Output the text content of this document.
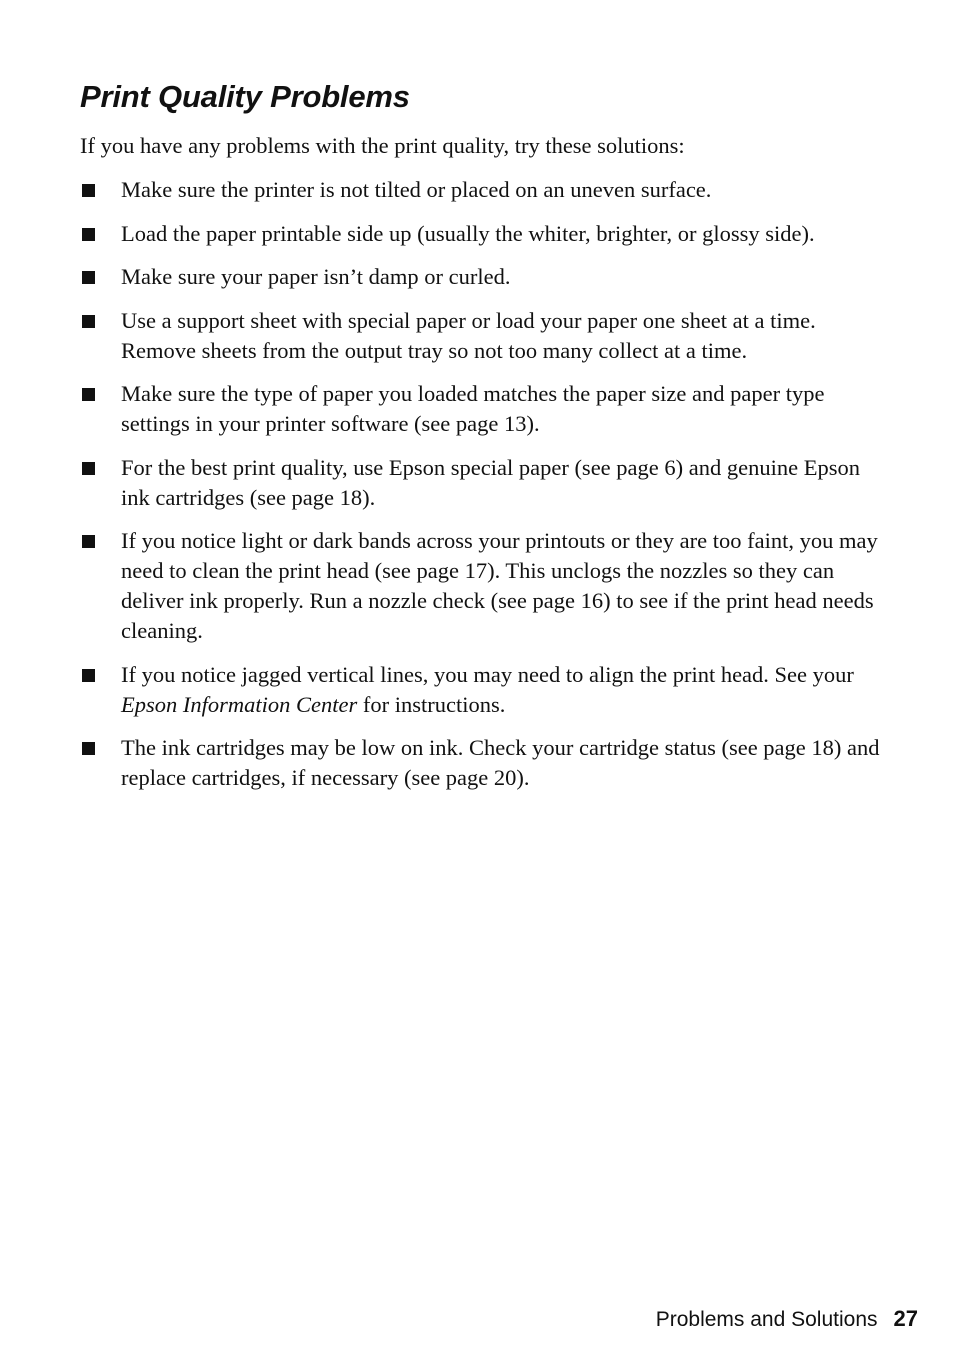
Print Quality Problems

If you have any problems with the print quality, try these solutions:

Make sure the printer is not tilted or placed on an uneven surface.
Load the paper printable side up (usually the whiter, brighter, or glossy side).
Make sure your paper isn’t damp or curled.
Use a support sheet with special paper or load your paper one sheet at a time. Remove sheets from the output tray so not too many collect at a time.
Make sure the type of paper you loaded matches the paper size and paper type settings in your printer software (see page 13).
For the best print quality, use Epson special paper (see page 6) and genuine Epson ink cartridges (see page 18).
If you notice light or dark bands across your printouts or they are too faint, you may need to clean the print head (see page 17). This unclogs the nozzles so they can deliver ink properly. Run a nozzle check (see page 16) to see if the print head needs cleaning.
If you notice jagged vertical lines, you may need to align the print head. See your Epson Information Center for instructions.
The ink cartridges may be low on ink. Check your cartridge status (see page 18) and replace cartridges, if necessary (see page 20).
Problems and Solutions 27
